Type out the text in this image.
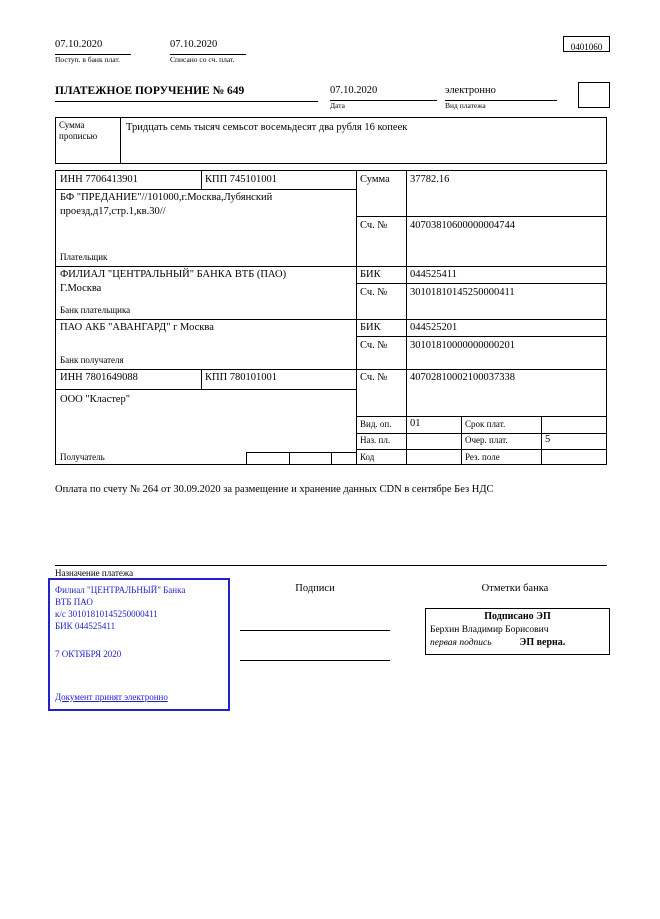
07.10.2020
Поступ. в банк плат.
07.10.2020
Списано со сч. плат.
0401060
ПЛАТЕЖНОЕ ПОРУЧЕНИЕ № 649	07.10.2020
Дата
электронно
Вид платежа
Сумма
прописью
Тридцать семь тысяч семьсот восемьдесят два рубля 16 копеек
ИНН 7706413901	КПП 745101001
БФ "ПРЕДАНИЕ"//101000,г.Москва,Лубянский проезд,д17,стр.1,кв.30//
Плательщик
Сумма 37782.16
Сч. № 40703810600000004744
ФИЛИАЛ "ЦЕНТРАЛЬНЫЙ" БАНКА ВТБ (ПАО)
Г.Москва
Банк плательщика
БИК	044525411
Сч. № 30101810145250000411
ПАО АКБ "АВАНГАРД" г Москва
Банк получателя
БИК	044525201
Сч. № 30101810000000000201
ИНН 7801649088	КПП 780101001	Сч. № 40702810002100037338
ООО "Кластер"
Получатель
Вид. оп. 01	Срок плат.
Наз. пл.	Очер. плат.	5
Код	Рез. поле
Оплата по счету № 264 от 30.09.2020 за размещение и хранение данных CDN в сентябре Без НДС
Назначение платежа
Подписи	Отметки банка
Филиал "ЦЕНТРАЛЬНЫЙ" Банка
ВТБ ПАО
к/с 30101810145250000411
БИК 044525411
7 ОКТЯБРЯ 2020
Документ принят электронно
Подписано ЭП
Берхин Владимир Борисович
первая подпись	ЭП верна.
